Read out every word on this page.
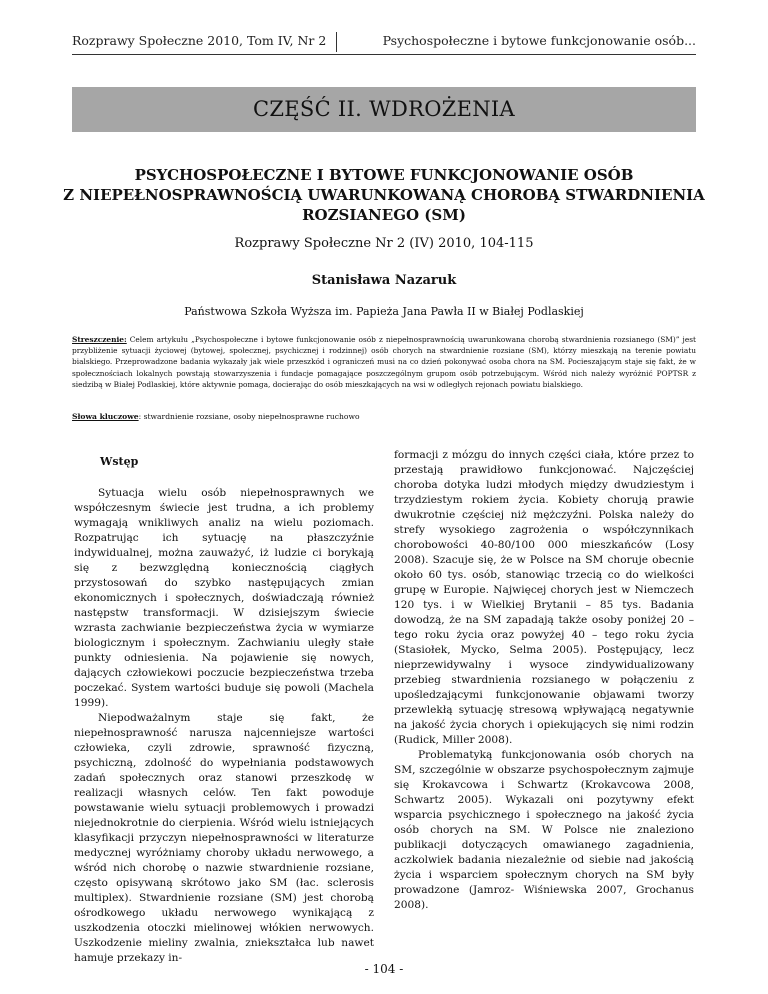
Rozprawy Społeczne 2010, Tom IV, Nr 2	Psychospołeczne i bytowe funkcjonowanie osób...
CZĘŚĆ II. WDROŻENIA
PSYCHOSPOŁECZNE I BYTOWE FUNKCJONOWANIE OSÓB
Z NIEPEŁNOSPRAWNOŚCIĄ UWARUNKOWANĄ CHOROBĄ STWARDNIENIA
ROZSIANEGO (SM)
Rozprawy Społeczne Nr 2 (IV) 2010, 104-115
Stanisława Nazaruk
Państwowa Szkoła Wyższa im. Papieża Jana Pawła II w Białej Podlaskiej

Streszczenie: Celem artykułu „Psychospołeczne i bytowe funkcjonowanie osób z niepełnosprawnością uwarunkowana chorobą stwardnienia rozsianego (SM)” jest przybliżenie sytuacji życiowej (bytowej, społecznej, psychicznej i rodzinnej) osób chorych na stwardnienie rozsiane (SM), którzy mieszkają na terenie powiatu bialskiego. Przeprowadzone badania wykazały jak wiele przeszkód i ograniczeń musi na co dzień pokonywać osoba chora na SM. Pocieszającym staje się fakt, że w społecznościach lokalnych powstają stowarzyszenia i fundacje pomagające poszczególnym grupom osób potrzebującym. Wśród nich należy wyróżnić POPTSR z siedzibą w Białej Podlaskiej, które aktywnie pomaga, docierając do osób mieszkających na wsi w odległych rejonach powiatu bialskiego.

Słowa kluczowe: stwardnienie rozsiane, osoby niepełnosprawne ruchowo
Wstęp

Sytuacja wielu osób niepełnosprawnych we współczesnym świecie jest trudna, a ich problemy wymagają wnikliwych analiz na wielu poziomach. Rozpatrując ich sytuację na płaszczyźnie indywidualnej, można zauważyć, iż ludzie ci borykają się z bezwzględną koniecznością ciągłych przystosowań do szybko następujących zmian ekonomicznych i społecznych, doświadczają również następstw transformacji. W dzisiejszym świecie wzrasta zachwianie bezpieczeństwa życia w wymiarze biologicznym i społecznym. Zachwianiu uległy stałe punkty odniesienia. Na pojawienie się nowych, dających człowiekowi poczucie bezpieczeństwa trzeba poczekać. System wartości buduje się powoli (Machela 1999).

Niepodważalnym staje się fakt, że niepełnosprawność narusza najcenniejsze wartości człowieka, czyli zdrowie, sprawność fizyczną, psychiczną, zdolność do wypełniania podstawowych zadań społecznych oraz stanowi przeszkodę w realizacji własnych celów. Ten fakt powoduje powstawanie wielu sytuacji problemowych i prowadzi niejednokrotnie do cierpienia. Wśród wielu istniejących klasyfikacji przyczyn niepełnosprawności w literaturze medycznej wyróżniamy choroby układu nerwowego, a wśród nich chorobę o nazwie stwardnienie rozsiane, często opisywaną skrótowo jako SM (łac. sclerosis multiplex). Stwardnienie rozsiane (SM) jest chorobą ośrodkowego układu nerwowego wynikającą z uszkodzenia otoczki mielinowej włókien nerwowych. Uszkodzenie mieliny zwalnia, zniekształca lub nawet hamuje przekazy in-

formacji z mózgu do innych części ciała, które przez to przestają prawidłowo funkcjonować. Najczęściej choroba dotyka ludzi młodych między dwudziestym i trzydziestym rokiem życia. Kobiety chorują prawie dwukrotnie częściej niż mężczyźni. Polska należy do strefy wysokiego zagrożenia o współczynnikach chorobowości 40-80/100 000 mieszkańców (Losy 2008). Szacuje się, że w Polsce na SM choruje obecnie około 60 tys. osób, stanowiąc trzecią co do wielkości grupę w Europie. Najwięcej chorych jest w Niemczech 120 tys. i w Wielkiej Brytanii – 85 tys. Badania dowodzą, że na SM zapadają także osoby poniżej 20 – tego roku życia oraz powyżej 40 – tego roku życia (Stasiołek, Mycko, Selma 2005). Postępujący, lecz nieprzewidywalny i wysoce zindywidualizowany przebieg stwardnienia rozsianego w połączeniu z upośledzającymi funkcjonowanie objawami tworzy przewlekłą sytuację stresową wpływającą negatywnie na jakość życia chorych i opiekujących się nimi rodzin (Rudick, Miller 2008).

Problematyką funkcjonowania osób chorych na SM, szczególnie w obszarze psychospołecznym zajmuje się Krokavcowa i Schwartz (Krokavcowa 2008, Schwartz 2005). Wykazali oni pozytywny efekt wsparcia psychicznego i społecznego na jakość życia osób chorych na SM. W Polsce nie znaleziono publikacji dotyczących omawianego zagadnienia, aczkolwiek badania niezależnie od siebie nad jakością życia i wsparciem społecznym chorych na SM były prowadzone (Jamroz- Wiśniewska 2007, Grochanus 2008).

- 104 -
